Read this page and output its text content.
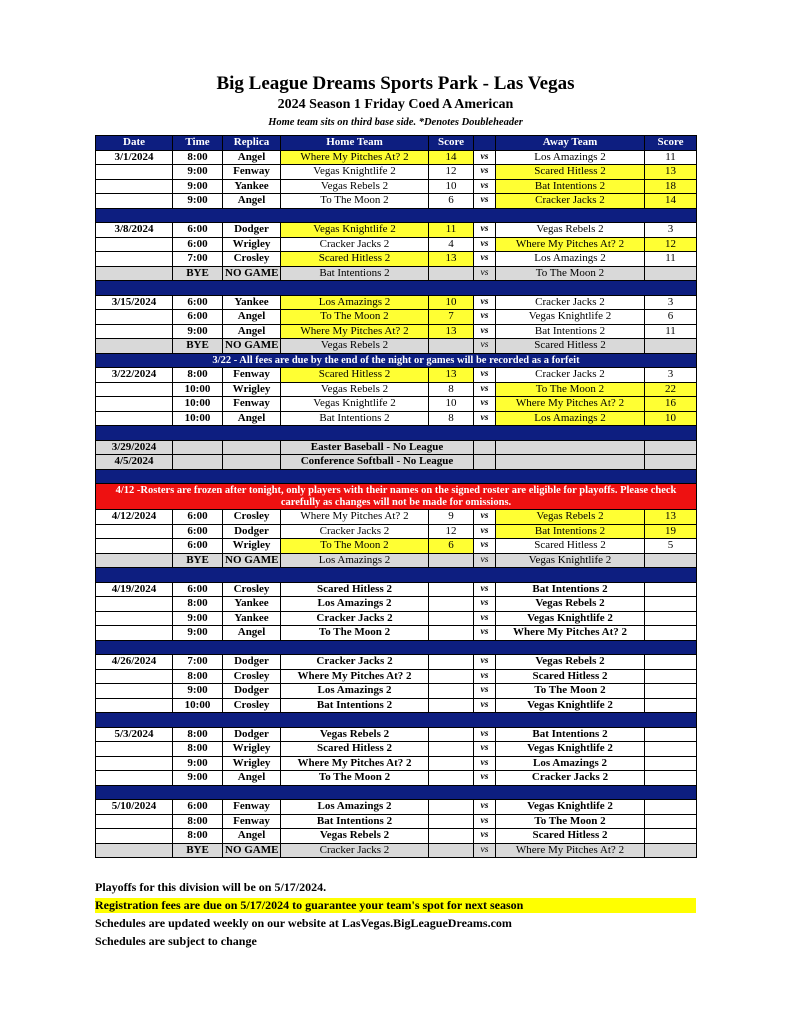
Big League Dreams Sports Park - Las Vegas
2024 Season 1 Friday Coed A American
Home team sits on third base side. *Denotes Doubleheader
Date	Time	Replica	Home Team	Score		Away Team	Score
3/1/2024	8:00	Angel	Where My Pitches At? 2	14	vs	Los Amazings 2	11
	9:00	Fenway	Vegas Knightlife 2	12	vs	Scared Hitless 2	13
	9:00	Yankee	Vegas Rebels 2	10	vs	Bat Intentions 2	18
	9:00	Angel	To The Moon 2	6	vs	Cracker Jacks 2	14

3/8/2024	6:00	Dodger	Vegas Knightlife 2	11	vs	Vegas Rebels 2	3
	6:00	Wrigley	Cracker Jacks 2	4	vs	Where My Pitches At? 2	12
	7:00	Crosley	Scared Hitless 2	13	vs	Los Amazings 2	11
	BYE	NO GAME	Bat Intentions 2		vs	To The Moon 2	

3/15/2024	6:00	Yankee	Los Amazings 2	10	vs	Cracker Jacks 2	3
	6:00	Angel	To The Moon 2	7	vs	Vegas Knightlife 2	6
	9:00	Angel	Where My Pitches At? 2	13	vs	Bat Intentions 2	11
	BYE	NO GAME	Vegas Rebels 2		vs	Scared Hitless 2	
3/22 - All fees are due by the end of the night or games will be recorded as a forfeit							
3/22/2024	8:00	Fenway	Scared Hitless 2	13	vs	Cracker Jacks 2	3
	10:00	Wrigley	Vegas Rebels 2	8	vs	To The Moon 2	22
	10:00	Fenway	Vegas Knightlife 2	10	vs	Where My Pitches At? 2	16
	10:00	Angel	Bat Intentions 2	8	vs	Los Amazings 2	10

3/29/2024			Easter Baseball - No League				
4/5/2024			Conference Softball - No League				

4/12 -Rosters are frozen after tonight, only players with their names on the signed roster are eligible for playoffs. Please check carefully as changes will not be made for omissions.							
4/12/2024	6:00	Crosley	Where My Pitches At? 2	9	vs	Vegas Rebels 2	13
	6:00	Dodger	Cracker Jacks 2	12	vs	Bat Intentions 2	19
	6:00	Wrigley	To The Moon 2	6	vs	Scared Hitless 2	5
	BYE	NO GAME	Los Amazings 2		vs	Vegas Knightlife 2	

4/19/2024	6:00	Crosley	Scared Hitless 2		vs	Bat Intentions 2	
	8:00	Yankee	Los Amazings 2		vs	Vegas Rebels 2	
	9:00	Yankee	Cracker Jacks 2		vs	Vegas Knightlife 2	
	9:00	Angel	To The Moon 2		vs	Where My Pitches At? 2	

4/26/2024	7:00	Dodger	Cracker Jacks 2		vs	Vegas Rebels 2	
	8:00	Crosley	Where My Pitches At? 2		vs	Scared Hitless 2	
	9:00	Dodger	Los Amazings 2		vs	To The Moon 2	
	10:00	Crosley	Bat Intentions 2		vs	Vegas Knightlife 2	

5/3/2024	8:00	Dodger	Vegas Rebels 2		vs	Bat Intentions 2	
	8:00	Wrigley	Scared Hitless 2		vs	Vegas Knightlife 2	
	9:00	Wrigley	Where My Pitches At? 2		vs	Los Amazings 2	
	9:00	Angel	To The Moon 2		vs	Cracker Jacks 2	

5/10/2024	6:00	Fenway	Los Amazings 2		vs	Vegas Knightlife 2	
	8:00	Fenway	Bat Intentions 2		vs	To The Moon 2	
	8:00	Angel	Vegas Rebels 2		vs	Scared Hitless 2	
	BYE	NO GAME	Cracker Jacks 2		vs	Where My Pitches At? 2	
Playoffs for this division will be on 5/17/2024.
Registration fees are due on 5/17/2024 to guarantee your team's spot for next season
Schedules are updated weekly on our website at LasVegas.BigLeagueDreams.com
Schedules are subject to change
